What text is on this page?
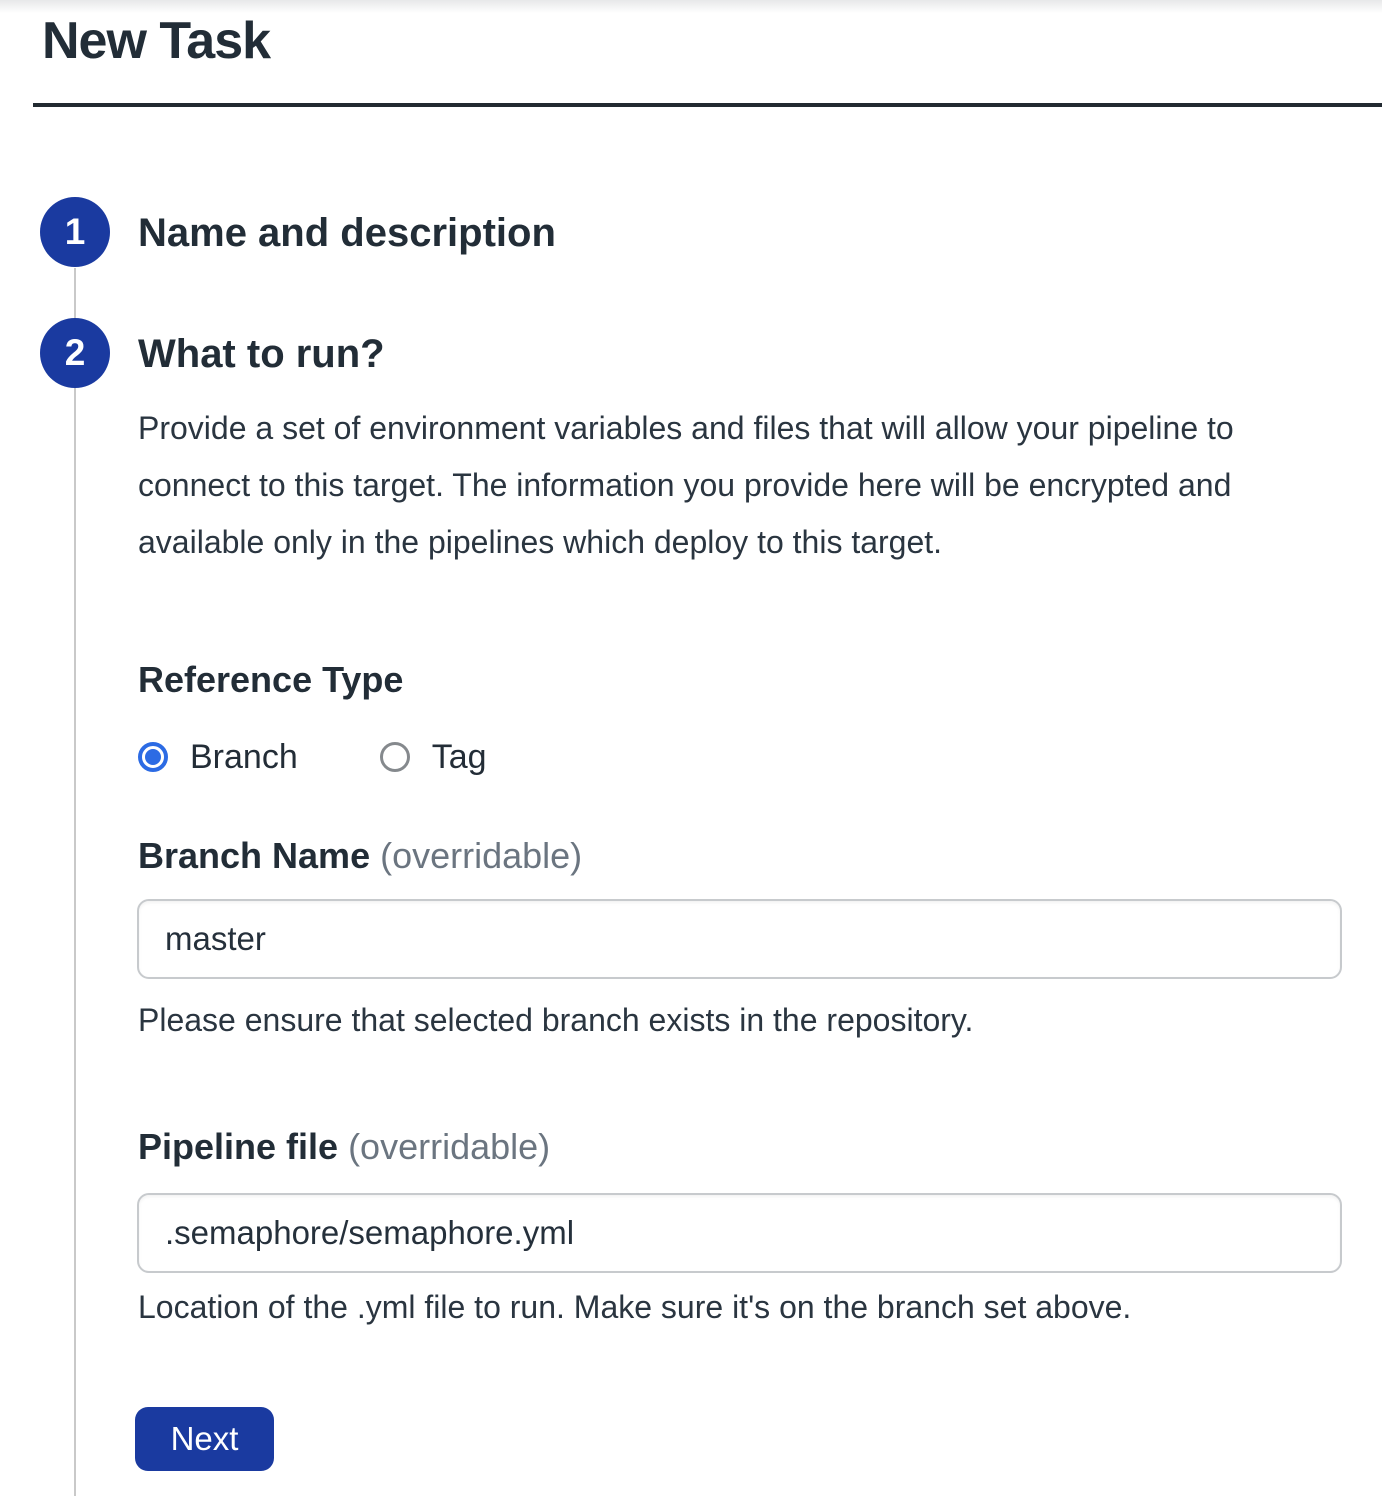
New Task
1	Name and description
2	What to run?
Provide a set of environment variables and files that will allow your pipeline to connect to this target. The information you provide here will be encrypted and available only in the pipelines which deploy to this target.
Reference Type
Branch	Tag
Branch Name (overridable)
master
Please ensure that selected branch exists in the repository.
Pipeline file (overridable)
.semaphore/semaphore.yml
Location of the .yml file to run. Make sure it's on the branch set above.
Next
